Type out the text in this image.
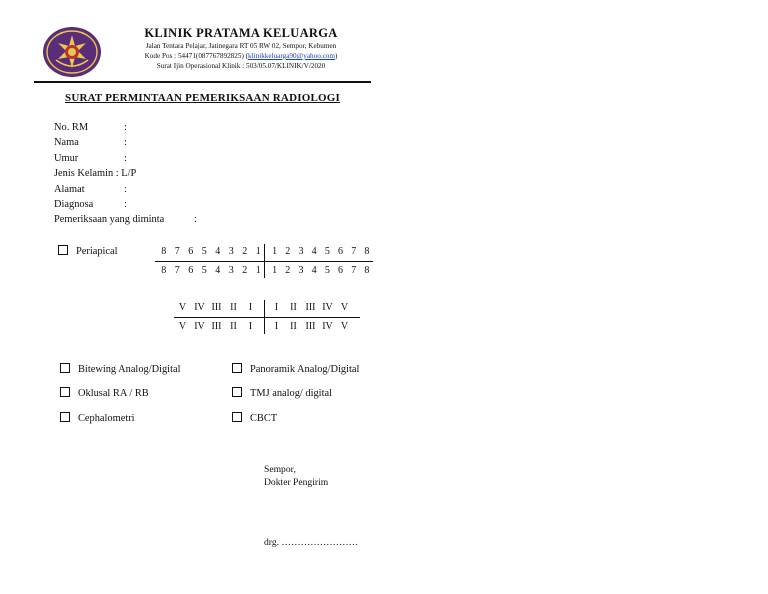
KLINIK PRATAMA KELUARGA
Jalan Tentara Pelajar, Jatinegara RT 05 RW 02, Sempor, Kebumen
Kode Pos : 54471(087767892825) (klinikkeluarga90@yahoo.com)
Surat Ijin Operasional Klinik : 503/05.07/KLINIK/V/2020
SURAT PERMINTAAN PEMERIKSAAN RADIOLOGI
No. RM	:
Nama	:
Umur	:
Jenis Kelamin : L/P
Alamat	:
Diagnosa	:
Pemeriksaan yang diminta	:
Periapical	8 7 6 5 4 3 2 1	1 2 3 4 5 6 7 8
8 7 6 5 4 3 2 1	1 2 3 4 5 6 7 8
V IV III II	I	I	II III IV V
V IV III II	I	I	II III IV V
Bitewing Analog/Digital	Panoramik Analog/Digital
Oklusal RA / RB	TMJ analog/ digital
Cephalometri	CBCT
Sempor,
Dokter Pengirim
drg. ……………………
